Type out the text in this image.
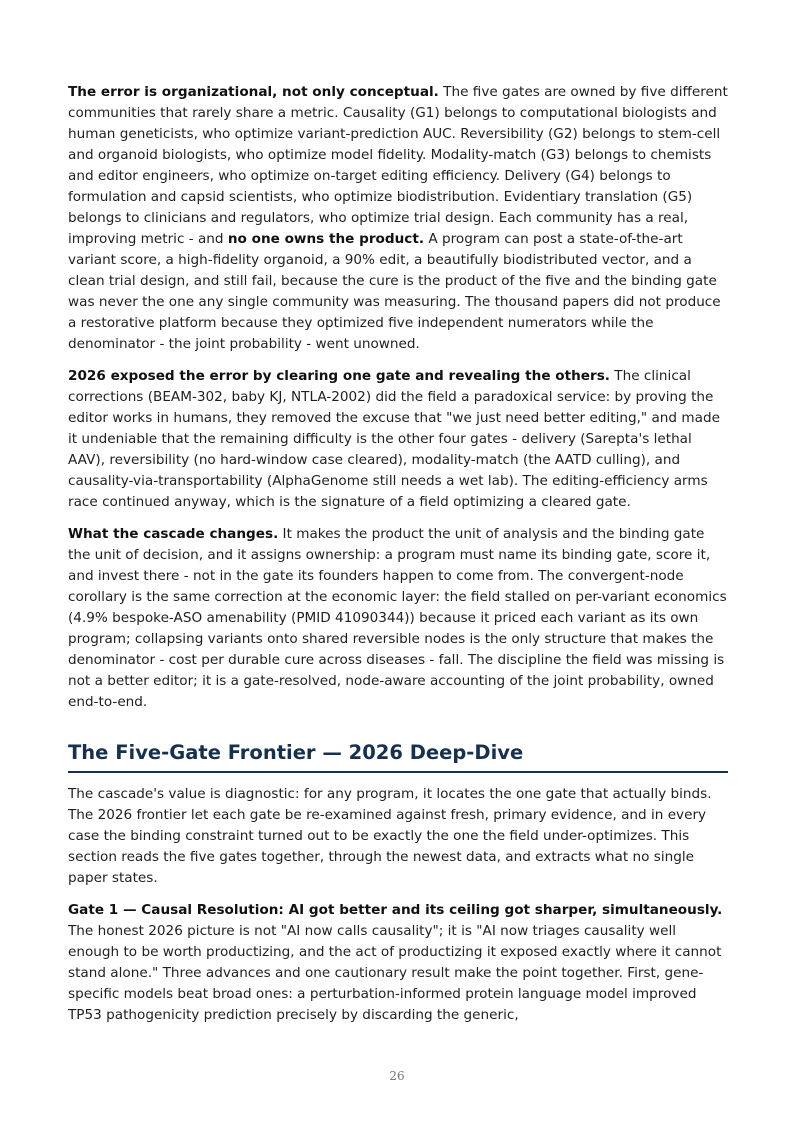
The error is organizational, not only conceptual. The five gates are owned by five different communities that rarely share a metric. Causality (G1) belongs to computational biologists and human geneticists, who optimize variant-prediction AUC. Reversibility (G2) belongs to stem-cell and organoid biologists, who optimize model fidelity. Modality-match (G3) belongs to chemists and editor engineers, who optimize on-target editing efficiency. Delivery (G4) belongs to formulation and capsid scientists, who optimize biodistribution. Evidentiary translation (G5) belongs to clinicians and regulators, who optimize trial design. Each community has a real, improving metric - and no one owns the product. A program can post a state-of-the-art variant score, a high-fidelity organoid, a 90% edit, a beautifully biodistributed vector, and a clean trial design, and still fail, because the cure is the product of the five and the binding gate was never the one any single community was measuring. The thousand papers did not produce a restorative platform because they optimized five independent numerators while the denominator - the joint probability - went unowned.

2026 exposed the error by clearing one gate and revealing the others. The clinical corrections (BEAM-302, baby KJ, NTLA-2002) did the field a paradoxical service: by proving the editor works in humans, they removed the excuse that "we just need better editing," and made it undeniable that the remaining difficulty is the other four gates - delivery (Sarepta's lethal AAV), reversibility (no hard-window case cleared), modality-match (the AATD culling), and causality-via-transportability (AlphaGenome still needs a wet lab). The editing-efficiency arms race continued anyway, which is the signature of a field optimizing a cleared gate.

What the cascade changes. It makes the product the unit of analysis and the binding gate the unit of decision, and it assigns ownership: a program must name its binding gate, score it, and invest there - not in the gate its founders happen to come from. The convergent-node corollary is the same correction at the economic layer: the field stalled on per-variant economics (4.9% bespoke-ASO amenability (PMID 41090344)) because it priced each variant as its own program; collapsing variants onto shared reversible nodes is the only structure that makes the denominator - cost per durable cure across diseases - fall. The discipline the field was missing is not a better editor; it is a gate-resolved, node-aware accounting of the joint probability, owned end-to-end.

The Five-Gate Frontier — 2026 Deep-Dive

The cascade's value is diagnostic: for any program, it locates the one gate that actually binds. The 2026 frontier let each gate be re-examined against fresh, primary evidence, and in every case the binding constraint turned out to be exactly the one the field under-optimizes. This section reads the five gates together, through the newest data, and extracts what no single paper states.

Gate 1 — Causal Resolution: AI got better and its ceiling got sharper, simultaneously. The honest 2026 picture is not "AI now calls causality"; it is "AI now triages causality well enough to be worth productizing, and the act of productizing it exposed exactly where it cannot stand alone." Three advances and one cautionary result make the point together. First, gene-specific models beat broad ones: a perturbation-informed protein language model improved TP53 pathogenicity prediction precisely by discarding the generic,

26
